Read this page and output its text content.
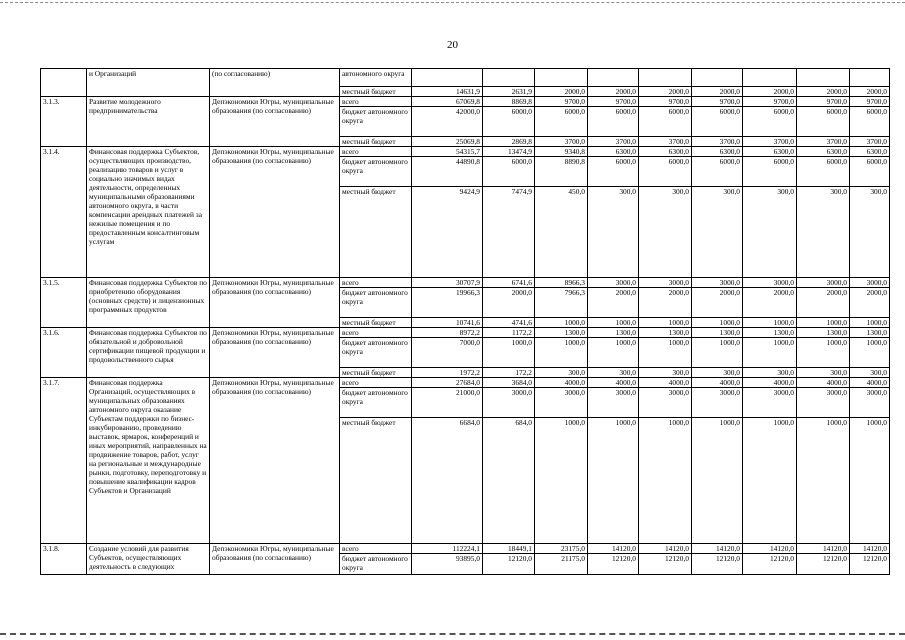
20
	и Организаций	(по согласованию)	автономного округа									
			местный бюджет	14631,9	2631,9	2000,0	2000,0	2000,0	2000,0	2000,0	2000,0	2000,0
3.1.3.	Развитие молодежного предпринимательства	Депэкономики Югры, муниципальные образования (по согласованию)	всего	67069,8	8869,8	9700,0	9700,0	9700,0	9700,0	9700,0	9700,0	9700,0
			бюджет автономного округа	42000,0	6000,0	6000,0	6000,0	6000,0	6000,0	6000,0	6000,0	6000,0
			местный бюджет	25069,8	2869,8	3700,0	3700,0	3700,0	3700,0	3700,0	3700,0	3700,0
3.1.4.	Финансовая поддержка Субъектов, осуществляющих производство, реализацию товаров и услуг в социально значимых видах деятельности, определенных муниципальными образованиями автономного округа, в части компенсации арендных платежей за нежилые помещения и по предоставленным консалтинговым услугам	Депэкономики Югры, муниципальные образования (по согласованию)	всего	54315,7	13474,9	9340,8	6300,0	6300,0	6300,0	6300,0	6300,0	6300,0
			бюджет автономного округа	44890,8	6000,0	8890,8	6000,0	6000,0	6000,0	6000,0	6000,0	6000,0
			местный бюджет	9424,9	7474,9	450,0	300,0	300,0	300,0	300,0	300,0	300,0
3.1.5.	Финансовая поддержка Субъектов по приобретению оборудования (основных средств) и лицензионных программных продуктов	Депэкономики Югры, муниципальные образования (по согласованию)	всего	30707,9	6741,6	8966,3	3000,0	3000,0	3000,0	3000,0	3000,0	3000,0
			бюджет автономного округа	19966,3	2000,0	7966,3	2000,0	2000,0	2000,0	2000,0	2000,0	2000,0
			местный бюджет	10741,6	4741,6	1000,0	1000,0	1000,0	1000,0	1000,0	1000,0	1000,0
3.1.6.	Финансовая поддержка Субъектов по обязательной и добровольной сертификации пищевой продукции и продовольственного сырья	Депэкономики Югры, муниципальные образования (по согласованию)	всего	8972,2	1172,2	1300,0	1300,0	1300,0	1300,0	1300,0	1300,0	1300,0
			бюджет автономного округа	7000,0	1000,0	1000,0	1000,0	1000,0	1000,0	1000,0	1000,0	1000,0
			местный бюджет	1972,2	172,2	300,0	300,0	300,0	300,0	300,0	300,0	300,0
3.1.7.	Финансовая поддержка Организаций, осуществляющих в муниципальных образованиях автономного округа оказание Субъектам поддержки по бизнес-инкубированию, проведению выставок, ярмарок, конференций и иных мероприятий, направленных на продвижение товаров, работ, услуг на региональные и международные рынки, подготовку, переподготовку и повышение квалификации кадров Субъектов и Организаций	Депэкономики Югры, муниципальные образования (по согласованию)	всего	27684,0	3684,0	4000,0	4000,0	4000,0	4000,0	4000,0	4000,0	4000,0
			бюджет автономного округа	21000,0	3000,0	3000,0	3000,0	3000,0	3000,0	3000,0	3000,0	3000,0
			местный бюджет	6684,0	684,0	1000,0	1000,0	1000,0	1000,0	1000,0	1000,0	1000,0
3.1.8.	Создание условий для развития Субъектов, осуществляющих деятельность в следующих	Депэкономики Югры, муниципальные образования (по согласованию)	всего	112224,1	18449,1	23175,0	14120,0	14120,0	14120,0	14120,0	14120,0	14120,0
			бюджет автономного округа	93895,0	12120,0	21175,0	12120,0	12120,0	12120,0	12120,0	12120,0	12120,0
